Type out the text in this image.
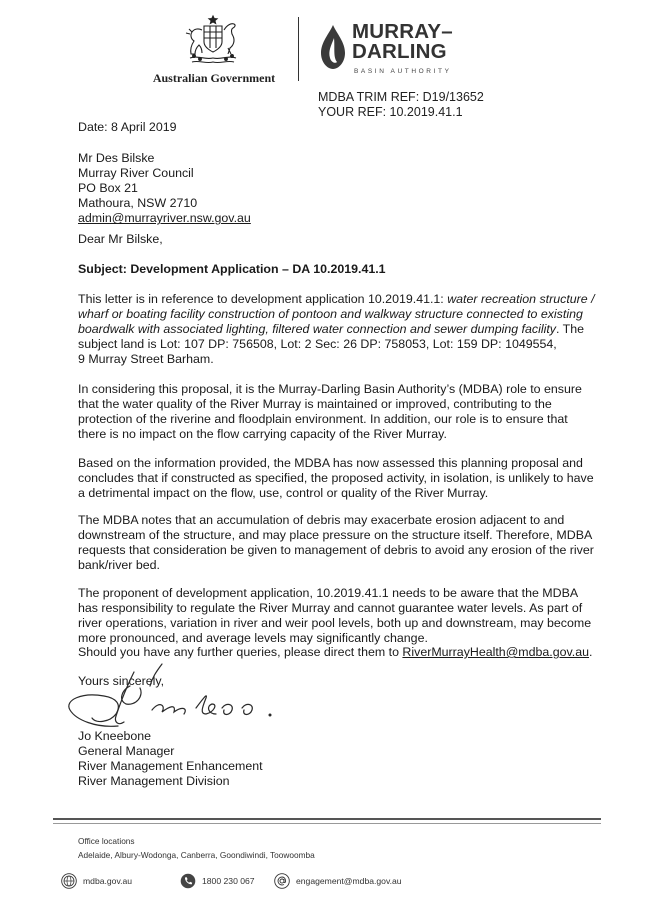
Australian Government
MURRAY–
DARLING
BASIN AUTHORITY
MDBA TRIM REF: D19/13652
YOUR REF: 10.2019.41.1
Date: 8 April 2019
Mr Des Bilske
Murray River Council
PO Box 21
Mathoura, NSW 2710
admin@murrayriver.nsw.gov.au
Dear Mr Bilske,
Subject: Development Application – DA 10.2019.41.1
This letter is in reference to development application 10.2019.41.1: water recreation structure /
wharf or boating facility construction of pontoon and walkway structure connected to existing
boardwalk with associated lighting, filtered water connection and sewer dumping facility. The
subject land is Lot: 107 DP: 756508, Lot: 2 Sec: 26 DP: 758053, Lot: 159 DP: 1049554,
9 Murray Street Barham.
In considering this proposal, it is the Murray-Darling Basin Authority’s (MDBA) role to ensure
that the water quality of the River Murray is maintained or improved, contributing to the
protection of the riverine and floodplain environment. In addition, our role is to ensure that
there is no impact on the flow carrying capacity of the River Murray.
Based on the information provided, the MDBA has now assessed this planning proposal and
concludes that if constructed as specified, the proposed activity, in isolation, is unlikely to have
a detrimental impact on the flow, use, control or quality of the River Murray.
The MDBA notes that an accumulation of debris may exacerbate erosion adjacent to and
downstream of the structure, and may place pressure on the structure itself. Therefore, MDBA
requests that consideration be given to management of debris to avoid any erosion of the river
bank/river bed.
The proponent of development application, 10.2019.41.1 needs to be aware that the MDBA
has responsibility to regulate the River Murray and cannot guarantee water levels. As part of
river operations, variation in river and weir pool levels, both up and downstream, may become
more pronounced, and average levels may significantly change.
Should you have any further queries, please direct them to RiverMurrayHealth@mdba.gov.au.
Yours sincerely,
Jo Kneebone
General Manager
River Management Enhancement
River Management Division
Office locations
Adelaide, Albury-Wodonga, Canberra, Goondiwindi, Toowoomba
mdba.gov.au	1800 230 067	engagement@mdba.gov.au
